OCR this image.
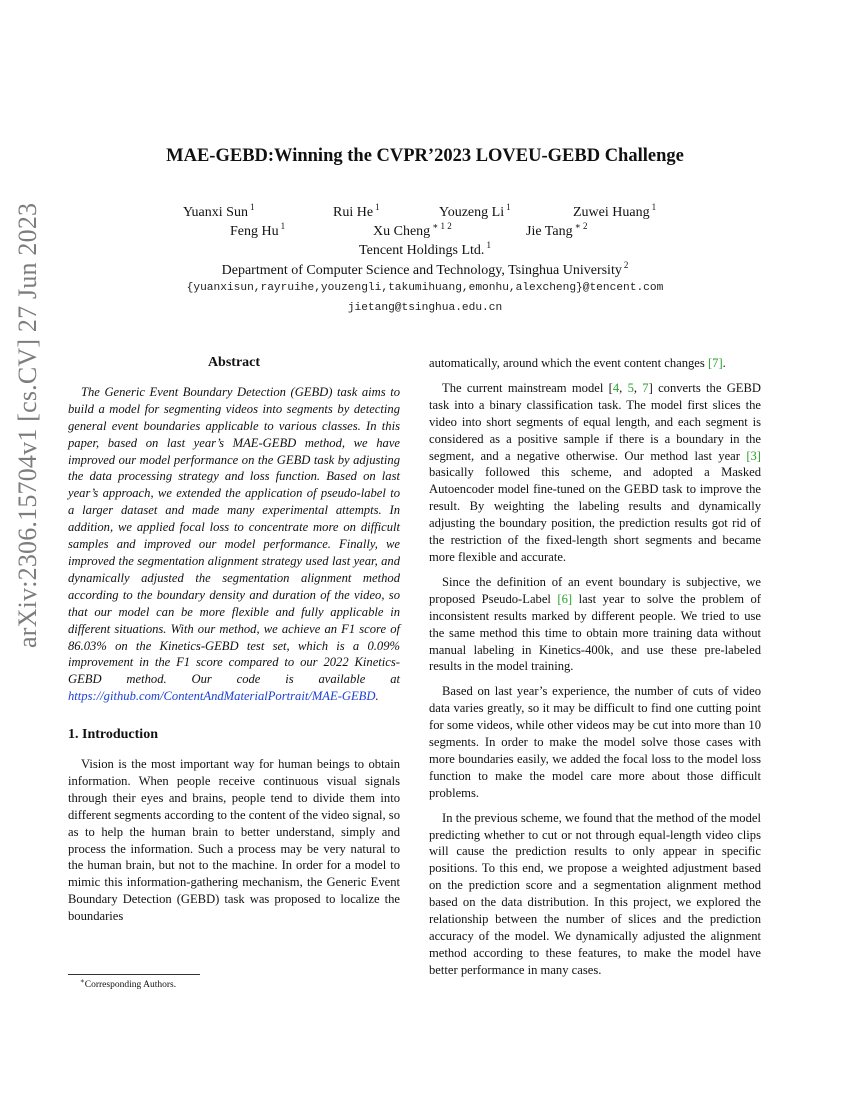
arXiv:2306.15704v1 [cs.CV] 27 Jun 2023
MAE-GEBD:Winning the CVPR’2023 LOVEU-GEBD Challenge
Yuanxi Sun $^1$	Rui He $^1$	Youzeng Li $^1$	Zuwei Huang $^1$
Feng Hu $^1$	Xu Cheng $^{∗ 1 2}$	Jie Tang $^{∗ 2}$
Tencent Holdings Ltd. $^1$
Department of Computer Science and Technology, Tsinghua University $^2$
{yuanxisun,rayruihe,youzengli,takumihuang,emonhu,alexcheng}@tencent.com
jietang@tsinghua.edu.cn
Abstract

The Generic Event Boundary Detection (GEBD) task aims to build a model for segmenting videos into segments by detecting general event boundaries applicable to various classes. In this paper, based on last year’s MAE-GEBD method, we have improved our model performance on the GEBD task by adjusting the data processing strategy and loss function. Based on last year’s approach, we extended the application of pseudo-label to a larger dataset and made many experimental attempts. In addition, we applied focal loss to concentrate more on difficult samples and improved our model performance. Finally, we improved the segmentation alignment strategy used last year, and dynamically adjusted the segmentation alignment method according to the boundary density and duration of the video, so that our model can be more flexible and fully applicable in different situations. With our method, we achieve an F1 score of 86.03% on the Kinetics-GEBD test set, which is a 0.09% improvement in the F1 score compared to our 2022 Kinetics-GEBD method. Our code is available at https://github.com/ContentAndMaterialPortrait/MAE-GEBD.

1. Introduction

Vision is the most important way for human beings to obtain information. When people receive continuous visual signals through their eyes and brains, people tend to divide them into different segments according to the content of the video signal, so as to help the human brain to better understand, simply and process the information. Such a process may be very natural to the human brain, but not to the machine. In order for a model to mimic this information-gathering mechanism, the Generic Event Boundary Detection (GEBD) task was proposed to localize the boundaries

automatically, around which the event content changes [7].

The current mainstream model [4, 5, 7] converts the GEBD task into a binary classification task. The model first slices the video into short segments of equal length, and each segment is considered as a positive sample if there is a boundary in the segment, and a negative otherwise. Our method last year [3] basically followed this scheme, and adopted a Masked Autoencoder model fine-tuned on the GEBD task to improve the result. By weighting the labeling results and dynamically adjusting the boundary position, the prediction results got rid of the restriction of the fixed-length short segments and became more flexible and accurate.

Since the definition of an event boundary is subjective, we proposed Pseudo-Label [6] last year to solve the problem of inconsistent results marked by different people. We tried to use the same method this time to obtain more training data without manual labeling in Kinetics-400k, and use these pre-labeled results in the model training.

Based on last year’s experience, the number of cuts of video data varies greatly, so it may be difficult to find one cutting point for some videos, while other videos may be cut into more than 10 segments. In order to make the model solve those cases with more boundaries easily, we added the focal loss to the model loss function to make the model care more about those difficult problems.

In the previous scheme, we found that the method of the model predicting whether to cut or not through equal-length video clips will cause the prediction results to only appear in specific positions. To this end, we propose a weighted adjustment based on the prediction score and a segmentation alignment method based on the data distribution. In this project, we explored the relationship between the number of slices and the prediction accuracy of the model. We dynamically adjusted the alignment method according to these features, to make the model have better performance in many cases.

∗Corresponding Authors.
